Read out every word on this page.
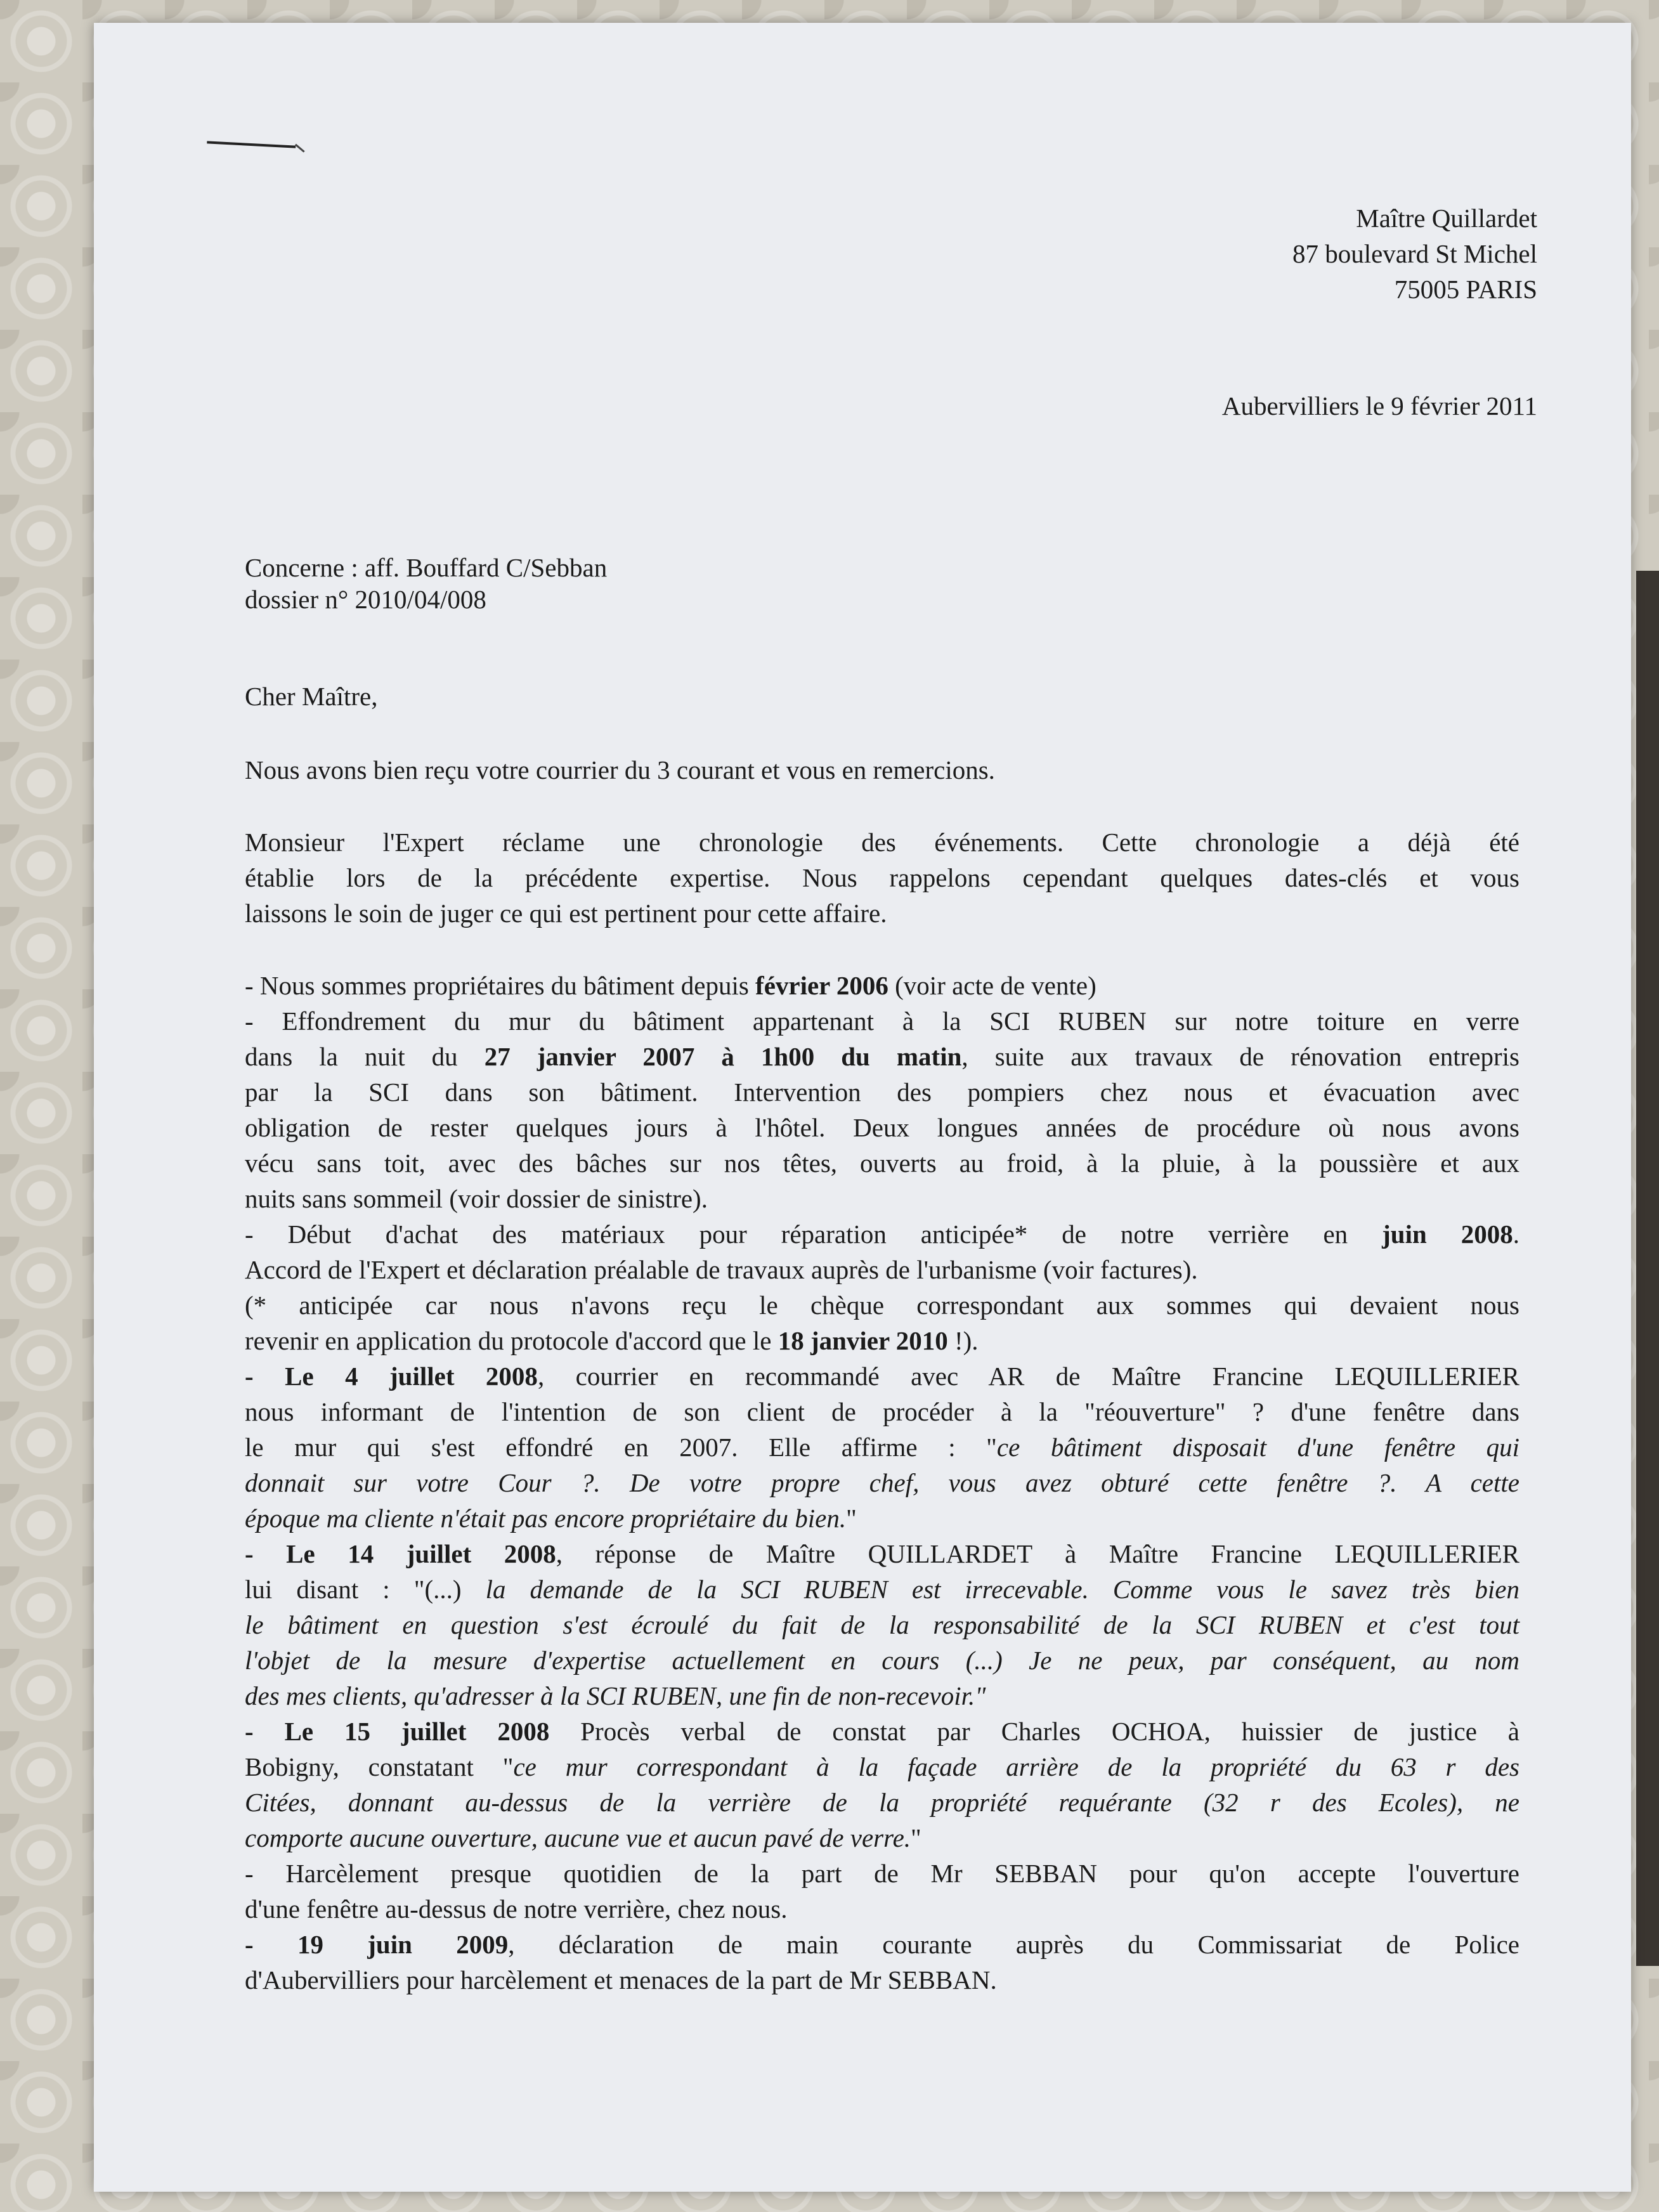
Maître Quillardet
87 boulevard St Michel
75005 PARIS
Aubervilliers le 9 février 2011
Concerne : aff. Bouffard C/Sebban
dossier n° 2010/04/008
Cher Maître,
Nous avons bien reçu votre courrier du 3 courant et vous en remercions.
Monsieur l'Expert réclame une chronologie des événements. Cette chronologie a déjà été
établie lors de la précédente expertise. Nous rappelons cependant quelques dates-clés et vous
laissons le soin de juger ce qui est pertinent pour cette affaire.
- Nous sommes propriétaires du bâtiment depuis février 2006 (voir acte de vente)
- Effondrement du mur du bâtiment appartenant à la SCI RUBEN sur notre toiture en verre
dans la nuit du 27 janvier 2007 à 1h00 du matin, suite aux travaux de rénovation entrepris
par la SCI dans son bâtiment. Intervention des pompiers chez nous et évacuation avec
obligation de rester quelques jours à l'hôtel. Deux longues années de procédure où nous avons
vécu sans toit, avec des bâches sur nos têtes, ouverts au froid, à la pluie, à la poussière et aux
nuits sans sommeil (voir dossier de sinistre).
- Début d'achat des matériaux pour réparation anticipée* de notre verrière en juin 2008.
Accord de l'Expert et déclaration préalable de travaux auprès de l'urbanisme (voir factures).
(* anticipée car nous n'avons reçu le chèque correspondant aux sommes qui devaient nous
revenir en application du protocole d'accord que le 18 janvier 2010 !).
- Le 4 juillet 2008, courrier en recommandé avec AR de Maître Francine LEQUILLERIER
nous informant de l'intention de son client de procéder à la "réouverture" ? d'une fenêtre dans
le mur qui s'est effondré en 2007. Elle affirme : "ce bâtiment disposait d'une fenêtre qui
donnait sur votre Cour ?. De votre propre chef, vous avez obturé cette fenêtre ?. A cette
époque ma cliente n'était pas encore propriétaire du bien."
- Le 14 juillet 2008, réponse de Maître QUILLARDET à Maître Francine LEQUILLERIER
lui disant : "(...) la demande de la SCI RUBEN est irrecevable. Comme vous le savez très bien
le bâtiment en question s'est écroulé du fait de la responsabilité de la SCI RUBEN et c'est tout
l'objet de la mesure d'expertise actuellement en cours (...) Je ne peux, par conséquent, au nom
des mes clients, qu'adresser à la SCI RUBEN, une fin de non-recevoir."
- Le 15 juillet 2008 Procès verbal de constat par Charles OCHOA, huissier de justice à
Bobigny, constatant "ce mur correspondant à la façade arrière de la propriété du 63 r des
Citées, donnant au-dessus de la verrière de la propriété requérante (32 r des Ecoles), ne
comporte aucune ouverture, aucune vue et aucun pavé de verre."
- Harcèlement presque quotidien de la part de Mr SEBBAN pour qu'on accepte l'ouverture
d'une fenêtre au-dessus de notre verrière, chez nous.
- 19 juin 2009, déclaration de main courante auprès du Commissariat de Police
d'Aubervilliers pour harcèlement et menaces de la part de Mr SEBBAN.
